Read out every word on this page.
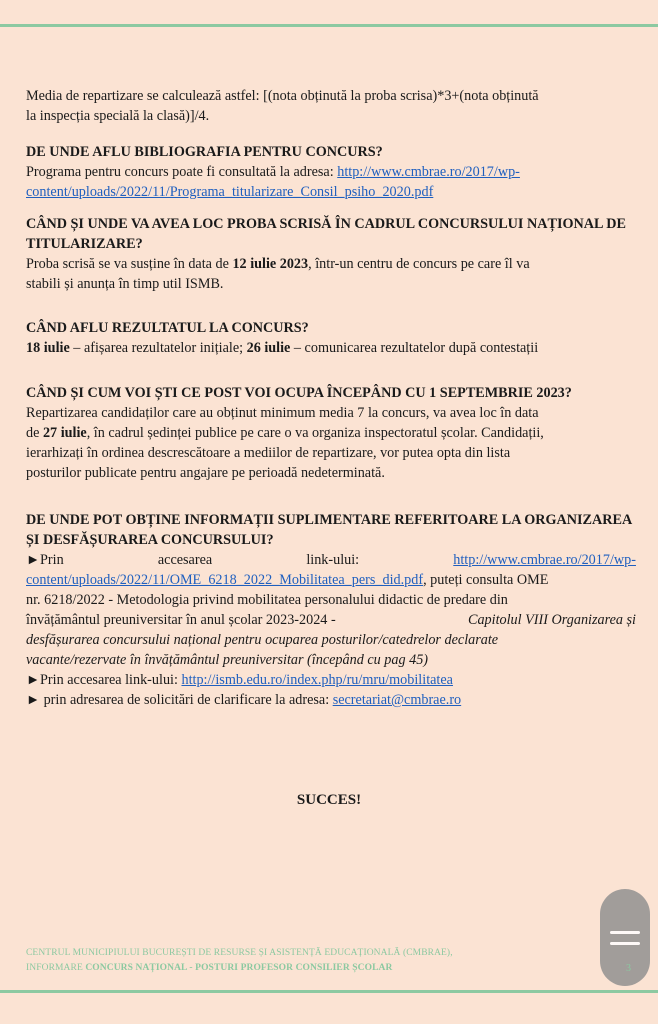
Media de repartizare se calculează astfel: [(nota obținută la proba scrisa)*3+(nota obținută

la inspecția specială la clasă)]/4.

DE UNDE AFLU BIBLIOGRAFIA PENTRU CONCURS?

Programa pentru concurs poate fi consultată la adresa: http://www.cmbrae.ro/2017/wp-

content/uploads/2022/11/Programa_titularizare_Consil_psiho_2020.pdf

CÂND ȘI UNDE VA AVEA LOC PROBA SCRISĂ ÎN CADRUL CONCURSULUI NAȚIONAL DE
TITULARIZARE?

Proba scrisă se va susține în data de 12 iulie 2023, într-un centru de concurs pe care îl va

stabili și anunța în timp util ISMB.

CÂND AFLU REZULTATUL LA CONCURS?

18 iulie – afișarea rezultatelor inițiale; 26 iulie – comunicarea rezultatelor după contestații

CÂND ȘI CUM VOI ȘTI CE POST VOI OCUPA ÎNCEPÂND CU 1 SEPTEMBRIE 2023?

Repartizarea candidaților care au obținut minimum media 7 la concurs, va avea loc în data

de 27 iulie, în cadrul ședinței publice pe care o va organiza inspectoratul școlar. Candidații,

ierarhizați în ordinea descrescătoare a mediilor de repartizare, vor putea opta din lista

posturilor publicate pentru angajare pe perioadă nedeterminată.

DE UNDE POT OBȚINE INFORMAȚII SUPLIMENTARE REFERITOARE LA ORGANIZAREA
ȘI DESFĂȘURAREA CONCURSULUI?

►Prin	accesarea	link-ului:	http://www.cmbrae.ro/2017/wp-

content/uploads/2022/11/OME_6218_2022_Mobilitatea_pers_did.pdf, puteți consulta OME

nr. 6218/2022 - Metodologia privind mobilitatea personalului didactic de predare din

învățământul preuniversitar în anul școlar 2023-2024 -	Capitolul VIII Organizarea și

desfășurarea concursului național pentru ocuparea posturilor/catedrelor declarate

vacante/rezervate în învățământul preuniversitar (începând cu pag 45)

►Prin accesarea link-ului: http://ismb.edu.ro/index.php/ru/mru/mobilitatea

► prin adresarea de solicitări de clarificare la adresa: secretariat@cmbrae.ro

SUCCES!
CENTRUL MUNICIPIULUI BUCUREȘTI DE RESURSE ȘI ASISTENȚĂ EDUCAȚIONALĂ (CMBRAE),
INFORMARE CONCURS NAȚIONAL - POSTURI PROFESOR CONSILIER ȘCOLAR	3
